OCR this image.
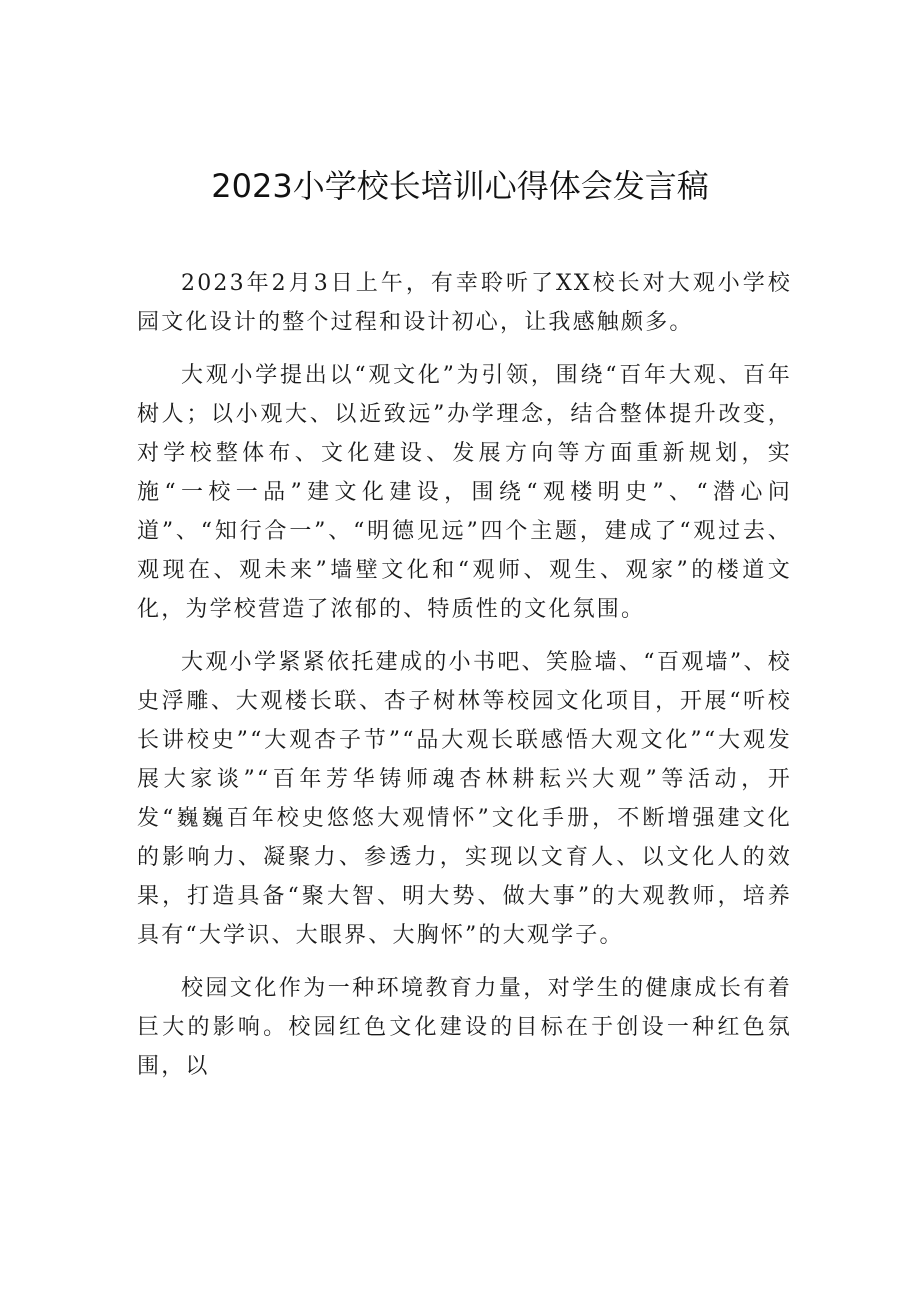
2023小学校长培训心得体会发言稿

2023年2月3日上午，有幸聆听了XX校长对大观小学校园文化设计的整个过程和设计初心，让我感触颇多。

大观小学提出以“观文化”为引领，围绕“百年大观、百年树人；以小观大、以近致远”办学理念，结合整体提升改变，对学校整体布、文化建设、发展方向等方面重新规划，实施“一校一品”建文化建设，围绕“观楼明史”、“潜心问道”、“知行合一”、“明德见远”四个主题，建成了“观过去、观现在、观未来”墙壁文化和“观师、观生、观家”的楼道文化，为学校营造了浓郁的、特质性的文化氛围。

大观小学紧紧依托建成的小书吧、笑脸墙、“百观墙”、校史浮雕、大观楼长联、杏子树林等校园文化项目，开展“听校长讲校史”“大观杏子节”“品大观长联感悟大观文化”“大观发展大家谈”“百年芳华铸师魂杏林耕耘兴大观”等活动，开发“巍巍百年校史悠悠大观情怀”文化手册，不断增强建文化的影响力、凝聚力、参透力，实现以文育人、以文化人的效果，打造具备“聚大智、明大势、做大事”的大观教师，培养具有“大学识、大眼界、大胸怀”的大观学子。

校园文化作为一种环境教育力量，对学生的健康成长有着巨大的影响。校园红色文化建设的目标在于创设一种红色氛围，以
